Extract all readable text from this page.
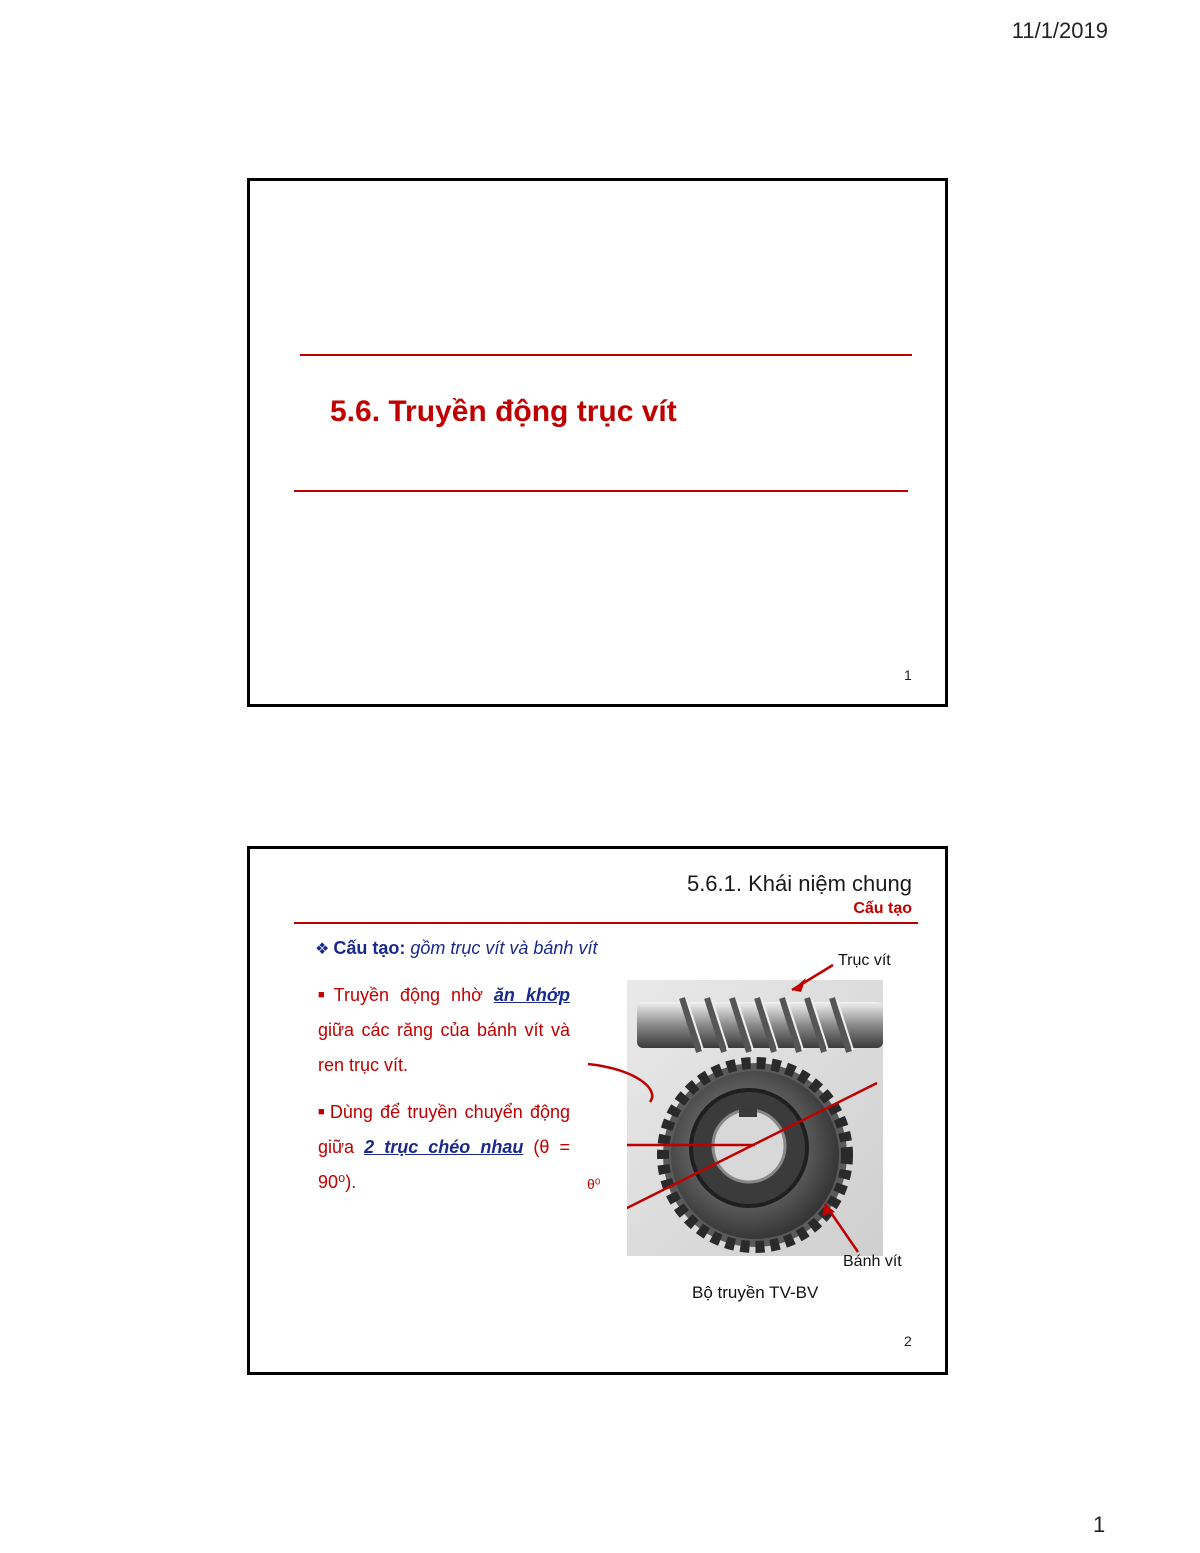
11/1/2019
5.6. Truyền động trục vít
1
5.6.1. Khái niệm chung
Cấu tạo
❖ Cấu tạo: gồm trục vít và bánh vít
■ Truyền động nhờ ăn khớp giữa các răng của bánh vít và ren trục vít.
■ Dùng để truyền chuyển động giữa 2 trục chéo nhau (θ = 90⁰).
Trục vít
Bánh vít
θ⁰
Bộ truyền TV-BV
2
1
